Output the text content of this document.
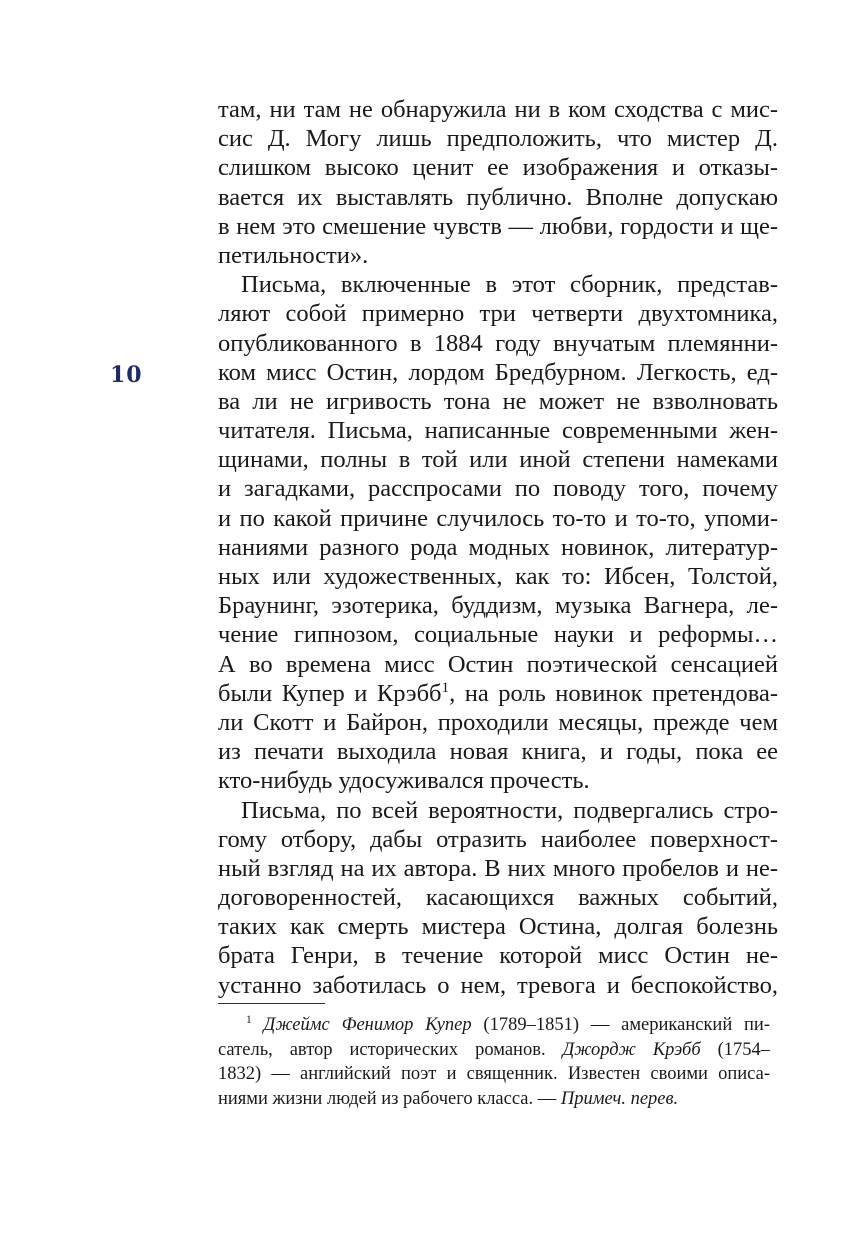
10
там, ни там не обнаружила ни в ком сходства с мис-
сис Д. Могу лишь предположить, что мистер Д.
слишком высоко ценит ее изображения и отказы-
вается их выставлять публично. Вполне допускаю
в нем это смешение чувств — любви, гордости и ще-
петильности».
Письма, включенные в этот сборник, представ-
ляют собой примерно три четверти двухтомника,
опубликованного в 1884 году внучатым племянни-
ком мисс Остин, лордом Бредбурном. Легкость, ед-
ва ли не игривость тона не может не взволновать
читателя. Письма, написанные современными жен-
щинами, полны в той или иной степени намеками
и загадками, расспросами по поводу того, почему
и по какой причине случилось то-то и то-то, упоми-
наниями разного рода модных новинок, литератур-
ных или художественных, как то: Ибсен, Толстой,
Браунинг, эзотерика, буддизм, музыка Вагнера, ле-
чение гипнозом, социальные науки и реформы…
А во времена мисс Остин поэтической сенсацией
были Купер и Крэбб$^1$, на роль новинок претендова-
ли Скотт и Байрон, проходили месяцы, прежде чем
из печати выходила новая книга, и годы, пока ее
кто-нибудь удосуживался прочесть.
Письма, по всей вероятности, подвергались стро-
гому отбору, дабы отразить наиболее поверхност-
ный взгляд на их автора. В них много пробелов и не-
договоренностей, касающихся важных событий,
таких как смерть мистера Остина, долгая болезнь
брата Генри, в течение которой мисс Остин не-
устанно заботилась о нем, тревога и беспокойство,
$^1$ Джеймс Фенимор Купер (1789–1851) — американский пи-
сатель, автор исторических романов. Джордж Крэбб (1754–
1832) — английский поэт и священник. Известен своими описа-
ниями жизни людей из рабочего класса. — Примеч. перев.
